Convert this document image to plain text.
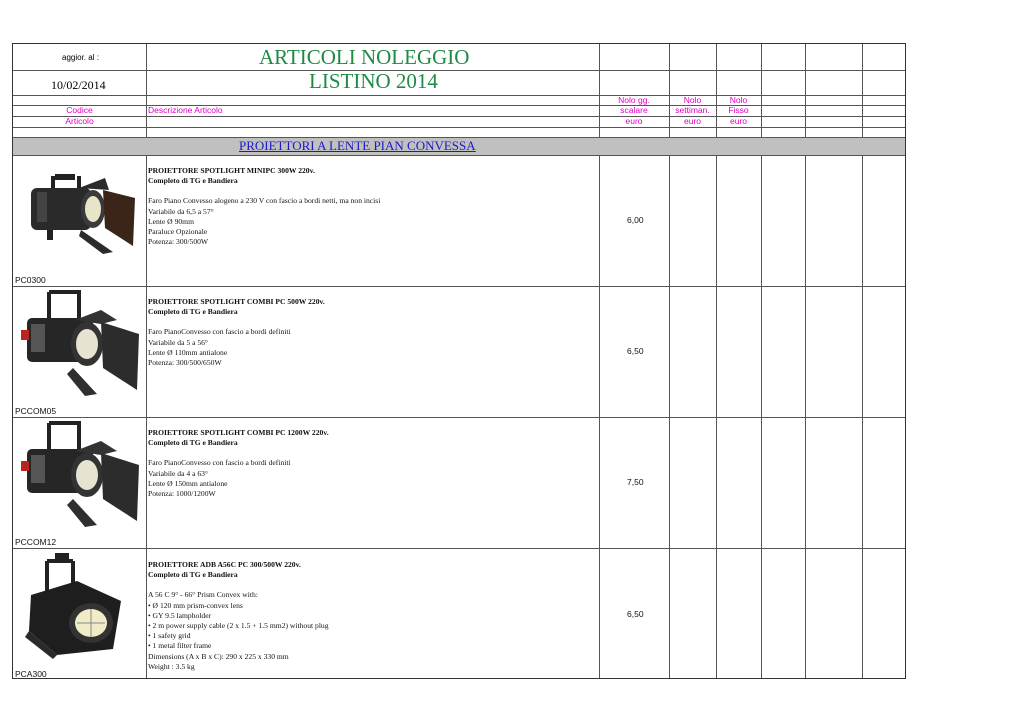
PROIETTORI A LENTE PIAN CONVESSA
aggior. al :
10/02/2014
ARTICOLI NOLEGGIO
LISTINO 2014
Codice
Articolo
Descrizione Articolo
Nolo gg.
scalare
euro
Nolo
settiman.
euro
Nolo
Fisso
euro
PROIETTORE SPOTLIGHT MINIPC 300W 220v.
Completo di TG e Bandiera
Faro Piano Convesso alogeno a 230 V con fascio a bordi netti, ma non incisi
Variabile da 6,5 a 57°
Lente Ø 90mm
Paraluce Opzionale
Potenza: 300/500W
6,00
PC0300
PROIETTORE SPOTLIGHT COMBI PC 500W 220v.
Completo di TG e Bandiera
Faro PianoConvesso con fascio a bordi definiti
Variabile da 5 a 56°
Lente Ø 110mm antialone
Potenza: 300/500/650W
6,50
PCCOM05
PROIETTORE SPOTLIGHT COMBI PC 1200W 220v.
Completo di TG e Bandiera
Faro PianoConvesso con fascio a bordi definiti
Variabile da 4 a 63°
Lente Ø 150mm antialone
Potenza: 1000/1200W
7,50
PCCOM12
PROIETTORE ADB A56C PC 300/500W 220v.
Completo di TG e Bandiera
A 56 C 9° - 66° Prism Convex with:
• Ø 120 mm prism-convex lens
• GY 9.5 lampholder
• 2 m power supply cable (2 x 1.5 + 1.5 mm2) without plug
• 1 safety grid
• 1 metal filter frame
Dimensions (A x B x C): 290 x 225 x 330 mm
Weight : 3.5 kg
6,50
PCA300
